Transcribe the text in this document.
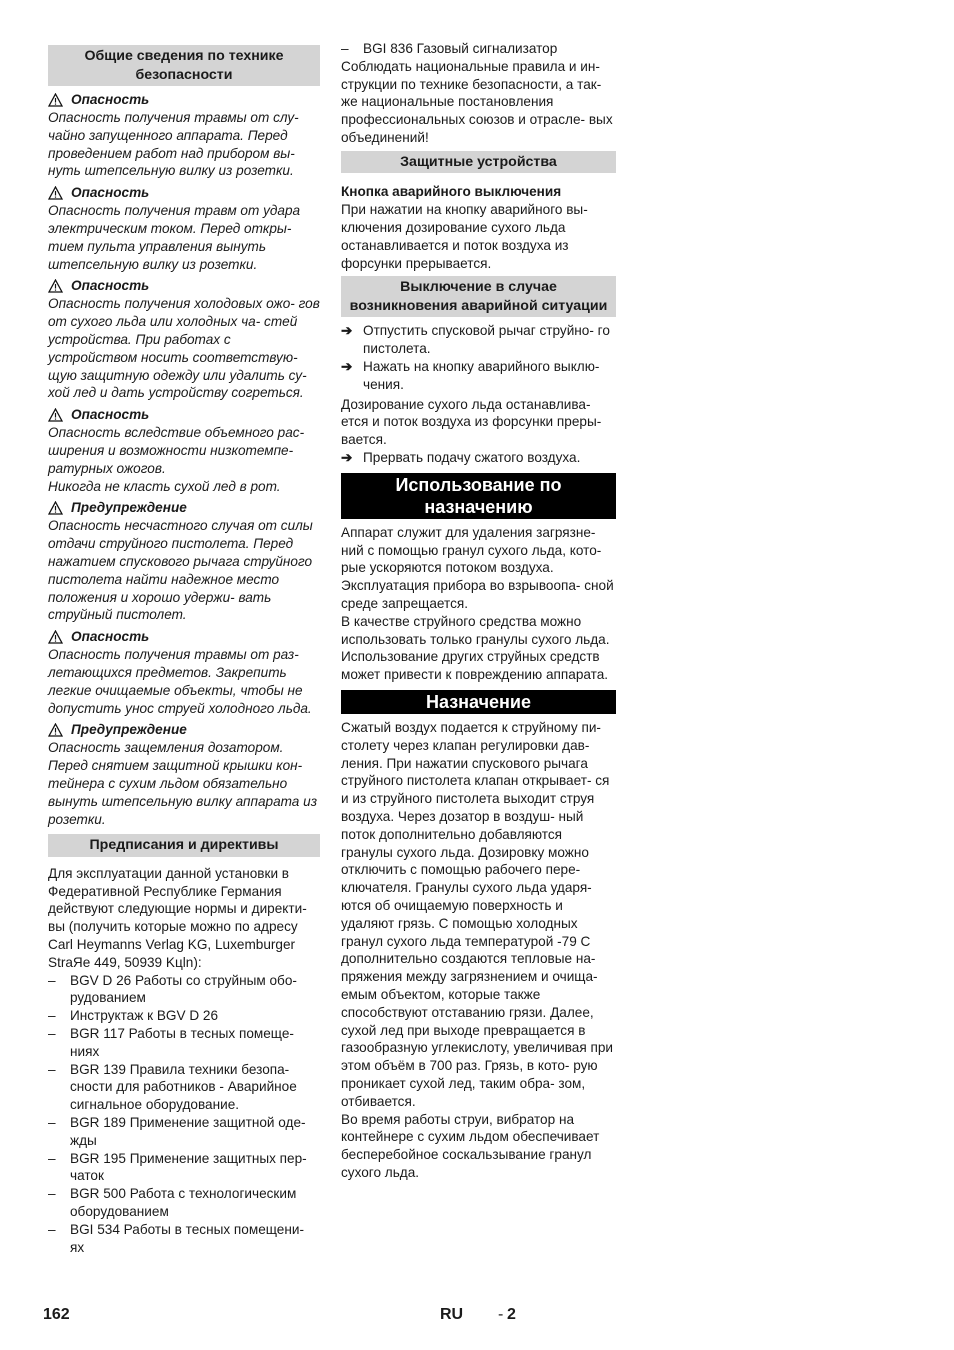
Общие сведения по технике безопасности
Опасность

Опасность получения травмы от слу- чайно запущенного аппарата. Перед проведением работ над прибором вы- нуть штепсельную вилку из розетки.

Опасность

Опасность получения травм от удара электрическим током. Перед откры- тием пульта управления вынуть штепсельную вилку из розетки.

Опасность

Опасность получения холодовых ожо- гов от сухого льда или холодных ча- стей устройства. При работах с устройством носить соответствую- щую защитную одежду или удалить су- хой лед и дать устройству согреться.

Опасность

Опасность вследствие объемного рас- ширения и возможности низкотемпе- ратурных ожогов.

Никогда не класть сухой лед в рот.

Предупреждение

Опасность несчастного случая от силы отдачи струйного пистолета. Перед нажатием спускового рычага струйного пистолета найти надежное место положения и хорошо удержи- вать струйный пистолет.

Опасность

Опасность получения травмы от раз- летающихся предметов. Закрепить легкие очищаемые объекты, чтобы не допустить унос струей холодного льда.

Предупреждение

Опасность защемления дозатором. Перед снятием защитной крышки кон- тейнера с сухим льдом обязательно вынуть штепсельную вилку аппарата из розетки.

Предписания и директивы

Для эксплуатации данной установки в Федеративной Республике Германия действуют следующие нормы и директи- вы (получить которые можно по адресу Carl Heymanns Verlag KG, Luxemburger StraЯe 449, 50939 Kцln):

– BGV D 26 Работы со струйным обо- рудованием
– Инструктаж к BGV D 26
– BGR 117 Работы в тесных помеще- ниях
– BGR 139 Правила техники безопа- сности для работников - Аварийное сигнальное оборудование.
– BGR 189 Применение защитной оде- жды
– BGR 195 Применение защитных пер- чаток
– BGR 500 Работа с технологическим оборудованием
– BGI 534 Работы в тесных помещени- ях
– BGI 836 Газовый сигнализатор

Соблюдать национальные правила и ин- струкции по технике безопасности, а так- же национальные постановления профессиональных союзов и отрасле- вых объединений!

Защитные устройства

Кнопка аварийного выключения

При нажатии на кнопку аварийного вы- ключения дозирование сухого льда останавливается и поток воздуха из форсунки прерывается.

Выключение в случае возникновения аварийной ситуации
➔ Отпустить спусковой рычаг струйно- го пистолета.
➔ Нажать на кнопку аварийного выклю- чения.

Дозирование сухого льда останавлива- ется и поток воздуха из форсунки преры- вается.

➔ Прервать подачу сжатого воздуха.
Использование по назначению

Аппарат служит для удаления загрязне- ний с помощью гранул сухого льда, кото- рые ускоряются потоком воздуха. Эксплуатация прибора во взрывоопа- сной среде запрещается.

В качестве струйного средства можно использовать только гранулы сухого льда. Использование других струйных средств может привести к повреждению аппарата.

Назначение

Сжатый воздух подается к струйному пи- столету через клапан регулировки дав- ления. При нажатии спускового рычага струйного пистолета клапан открывает- ся и из струйного пистолета выходит струя воздуха. Через дозатор в воздуш- ный поток дополнительно добавляются гранулы сухого льда. Дозировку можно отключить с помощью рабочего пере- ключателя. Гранулы сухого льда ударя- ются об очищаемую поверхность и удаляют грязь. С помощью холодных гранул сухого льда температурой -79 С дополнительно создаются тепловые на- пряжения между загрязнением и очища- емым объектом, которые также способствуют отставанию грязи. Далее, сухой лед при выходе превращается в газообразную углекислоту, увеличивая при этом объём в 700 раз. Грязь, в кото- рую проникает сухой лед, таким обра- зом, отбивается.

Во время работы струи, вибратор на контейнере с сухим льдом обеспечивает бесперебойное соскальзывание гранул сухого льда.

162	RU - 2
